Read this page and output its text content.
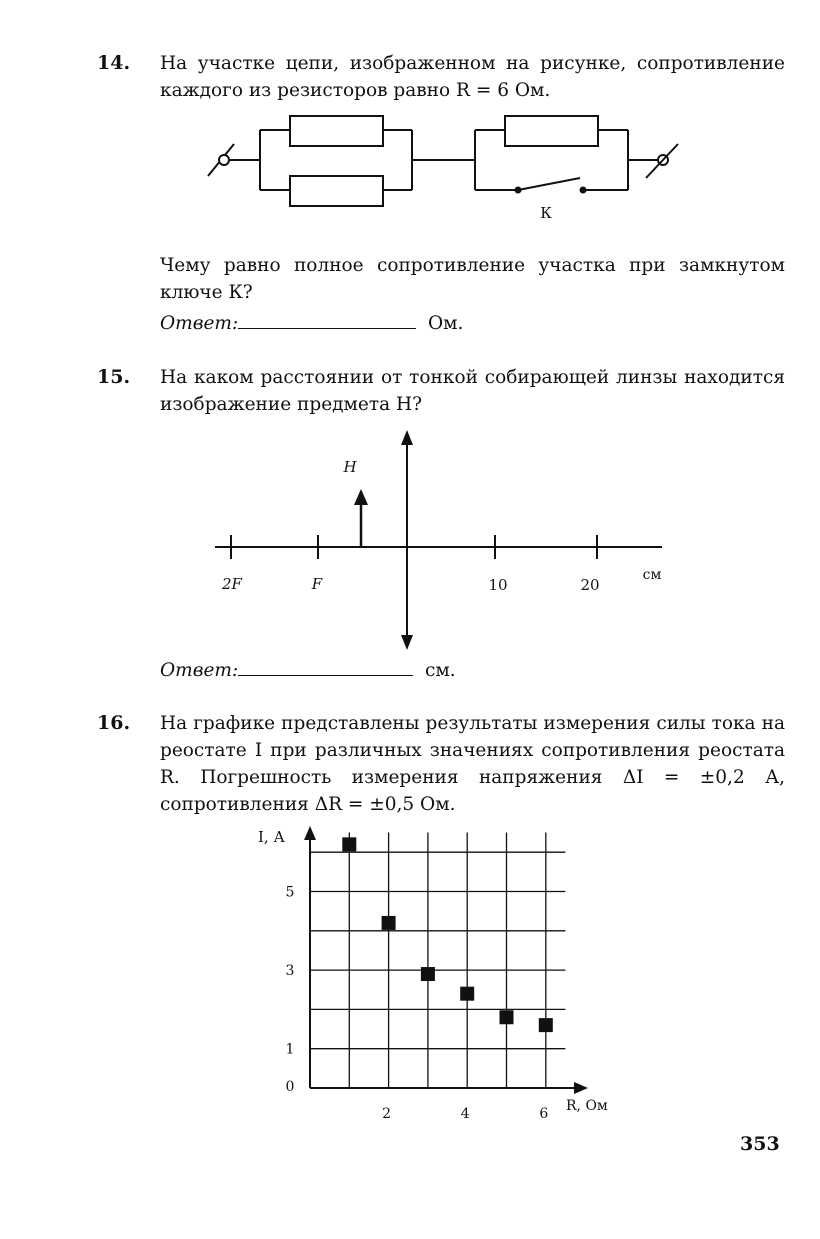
14. На участке цепи, изображенном на рисунке, сопротивление каждого из резисторов равно R = 6 Ом.
К
Чему равно полное сопротивление участка при замкнутом ключе К?
Ответ:	Ом.
15. На каком расстоянии от тонкой собирающей линзы находится изображение предмета H?
H
2F	F	10	20
см
Ответ:	см.
16. На графике представлены результаты измерения силы тока на реостате I при различных значениях сопротивления реостата R. Погрешность измерения напряжения ΔI = ±0,2 А, сопротивления ΔR = ±0,5 Ом.
2	4	6
0
1
3
5
I, А
R, Ом
353
